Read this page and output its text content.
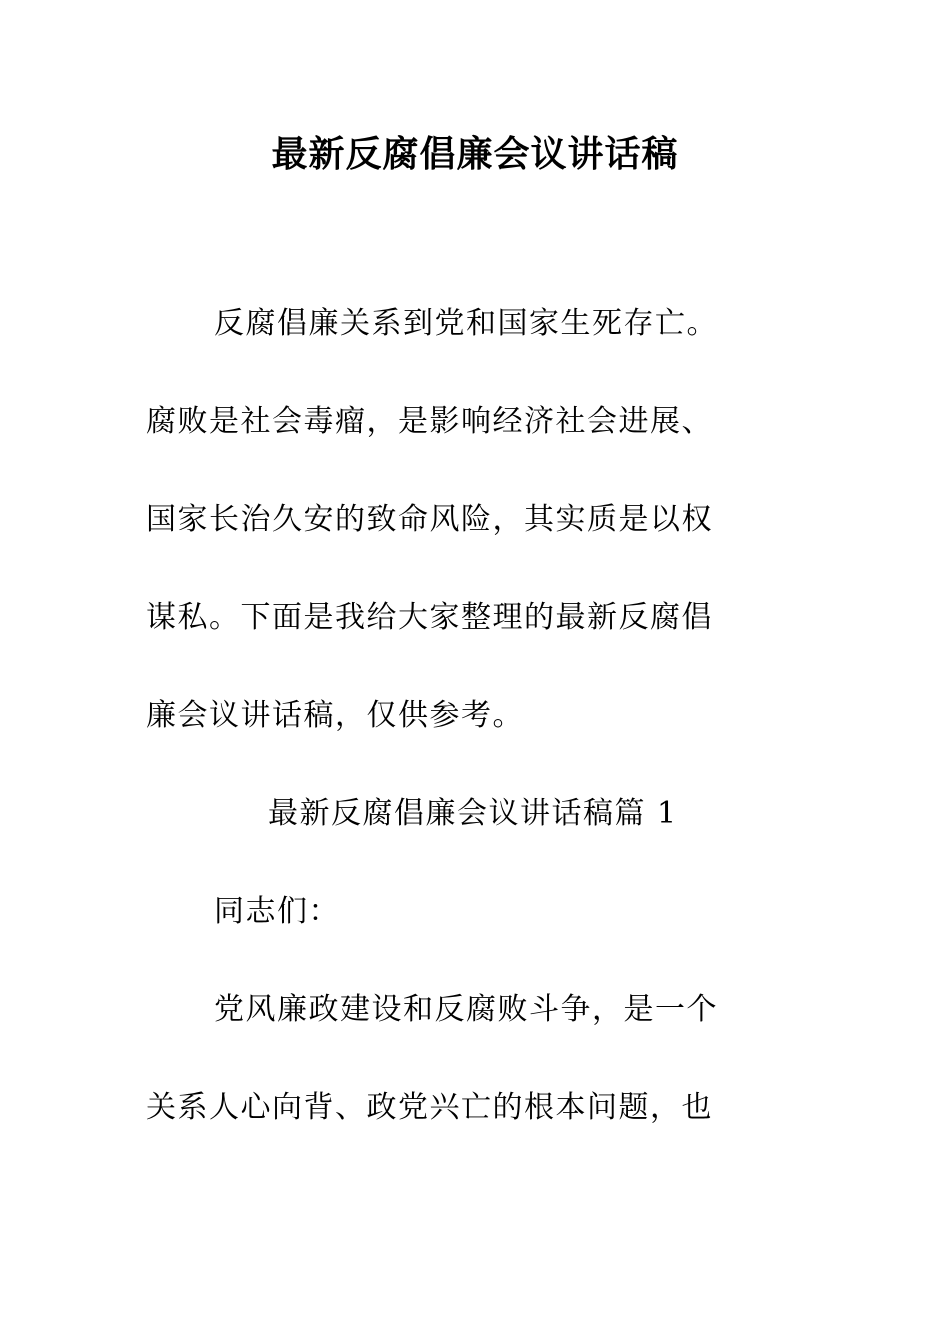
最新反腐倡廉会议讲话稿
反腐倡廉关系到党和国家生死存亡。
腐败是社会毒瘤，是影响经济社会进展、
国家长治久安的致命风险，其实质是以权
谋私。下面是我给大家整理的最新反腐倡
廉会议讲话稿，仅供参考。
最新反腐倡廉会议讲话稿篇 1
同志们：
党风廉政建设和反腐败斗争，是一个
关系人心向背、政党兴亡的根本问题，也
